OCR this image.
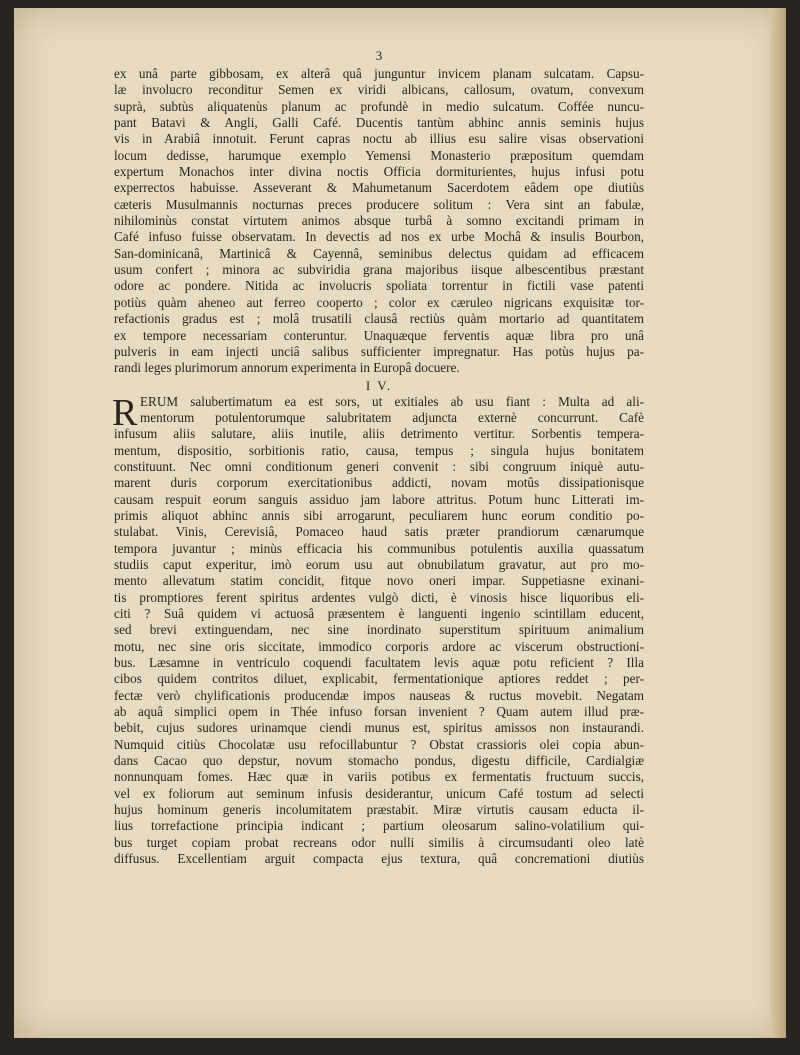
3
ex unâ parte gibbosam, ex alterâ quâ junguntur invicem planam sulcatam. Capsu-
læ involucro reconditur Semen ex viridi albicans, callosum, ovatum, convexum
suprà, subtùs aliquatenùs planum ac profundè in medio sulcatum. Coffée nuncu-
pant Batavi & Angli, Galli Café. Ducentis tantùm abhinc annis seminis hujus
vis in Arabiâ innotuit. Ferunt capras noctu ab illius esu salire visas observationi
locum dedisse, harumque exemplo Yemensi Monasterio præpositum quemdam
expertum Monachos inter divina noctis Officia dormiturientes, hujus infusi potu
experrectos habuisse. Asseverant & Mahumetanum Sacerdotem eâdem ope diutiùs
cæteris Musulmannis nocturnas preces producere solitum : Vera sint an fabulæ,
nihilominùs constat virtutem animos absque turbâ à somno excitandi primam in
Café infuso fuisse observatam. In devectis ad nos ex urbe Mochâ & insulis Bourbon,
San-dominicanâ, Martinicâ & Cayennâ, seminibus delectus quidam ad efficacem
usum confert ; minora ac subviridia grana majoribus iisque albescentibus præstant
odore ac pondere. Nitida ac involucris spoliata torrentur in fictili vase patenti
potiùs quàm aheneo aut ferreo cooperto ; color ex cæruleo nigricans exquisitæ tor-
refactionis gradus est ; molâ trusatili clausâ rectiùs quàm mortario ad quantitatem
ex tempore necessariam conteruntur. Unaquæque ferventis aquæ libra pro unâ
pulveris in eam injecti unciâ salibus sufficienter impregnatur. Has potùs hujus pa-
randi leges plurimorum annorum experimenta in Europâ docuere.
I V.
R ERUM salubertimatum ea est sors, ut exitiales ab usu fiant : Multa ad ali-
mentorum potulentorumque salubritatem adjuncta externè concurrunt. Cafè
infusum aliis salutare, aliis inutile, aliis detrimento vertitur. Sorbentis tempera-
mentum, dispositio, sorbitionis ratio, causa, tempus ; singula hujus bonitatem
constituunt. Nec omni conditionum generi convenit : sibi congruum iniquè autu-
marent duris corporum exercitationibus addicti, novam motûs dissipationisque
causam respuit eorum sanguis assiduo jam labore attritus. Potum hunc Litterati im-
primis aliquot abhinc annis sibi arrogarunt, peculiarem hunc eorum conditio po-
stulabat. Vinis, Cerevisiâ, Pomaceo haud satis præter prandiorum cænarumque
tempora juvantur ; minùs efficacia his communibus potulentis auxilia quassatum
studiis caput experitur, imò eorum usu aut obnubilatum gravatur, aut pro mo-
mento allevatum statim concidit, fitque novo oneri impar. Suppetiasne exinani-
tis promptiores ferent spiritus ardentes vulgò dicti, è vinosis hisce liquoribus eli-
citi ? Suâ quidem vi actuosâ præsentem è languenti ingenio scintillam educent,
sed brevi extinguendam, nec sine inordinato superstitum spirituum animalium
motu, nec sine oris siccitate, immodico corporis ardore ac viscerum obstructioni-
bus. Læsamne in ventriculo coquendi facultatem levis aquæ potu reficient ? Illa
cibos quidem contritos diluet, explicabit, fermentationique aptiores reddet ; per-
fectæ verò chylificationis producendæ impos nauseas & ructus movebit. Negatam
ab aquâ simplici opem in Thée infuso forsan invenient ? Quam autem illud præ-
bebit, cujus sudores urinamque ciendi munus est, spiritus amissos non instaurandi.
Numquid citiùs Chocolatæ usu refocillabuntur ? Obstat crassioris olei copia abun-
dans Cacao quo depstur, novum stomacho pondus, digestu difficile, Cardialgiæ
nonnunquam fomes. Hæc quæ in variis potibus ex fermentatis fructuum succis,
vel ex foliorum aut seminum infusis desiderantur, unicum Café tostum ad selecti
hujus hominum generis incolumitatem præstabit. Miræ virtutis causam educta il-
lius torrefactione principia indicant ; partium oleosarum salino-volatilium qui-
bus turget copiam probat recreans odor nulli similis à circumsudanti oleo latè
diffusus. Excellentiam arguit compacta ejus textura, quâ concremationi diutiùs
